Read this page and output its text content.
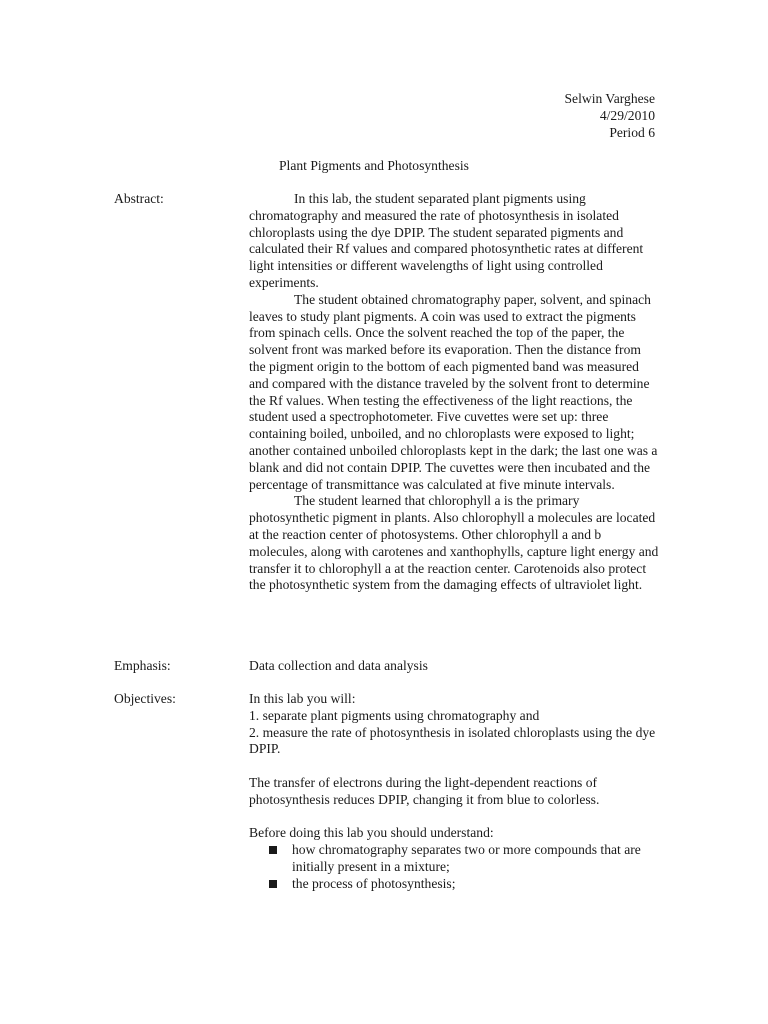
Selwin Varghese
4/29/2010
Period 6
Plant Pigments and Photosynthesis
Abstract:	In this lab, the student separated plant pigments using chromatography and measured the rate of photosynthesis in isolated chloroplasts using the dye DPIP. The student separated pigments and calculated their Rf values and compared photosynthetic rates at different light intensities or different wavelengths of light using controlled experiments.

The student obtained chromatography paper, solvent, and spinach leaves to study plant pigments. A coin was used to extract the pigments from spinach cells. Once the solvent reached the top of the paper, the solvent front was marked before its evaporation. Then the distance from the pigment origin to the bottom of each pigmented band was measured and compared with the distance traveled by the solvent front to determine the Rf values. When testing the effectiveness of the light reactions, the student used a spectrophotometer. Five cuvettes were set up: three containing boiled, unboiled, and no chloroplasts were exposed to light; another contained unboiled chloroplasts kept in the dark; the last one was a blank and did not contain DPIP. The cuvettes were then incubated and the percentage of transmittance was calculated at five minute intervals.

The student learned that chlorophyll a is the primary photosynthetic pigment in plants. Also chlorophyll a molecules are located at the reaction center of photosystems. Other chlorophyll a and b molecules, along with carotenes and xanthophylls, capture light energy and transfer it to chlorophyll a at the reaction center. Carotenoids also protect the photosynthetic system from the damaging effects of ultraviolet light.

Emphasis:	Data collection and data analysis
Objectives:	In this lab you will:

1. separate plant pigments using chromatography and

2. measure the rate of photosynthesis in isolated chloroplasts using the dye DPIP.

The transfer of electrons during the light-dependent reactions of photosynthesis reduces DPIP, changing it from blue to colorless.

Before doing this lab you should understand:

how chromatography separates two or more compounds that are initially present in a mixture;
the process of photosynthesis;
